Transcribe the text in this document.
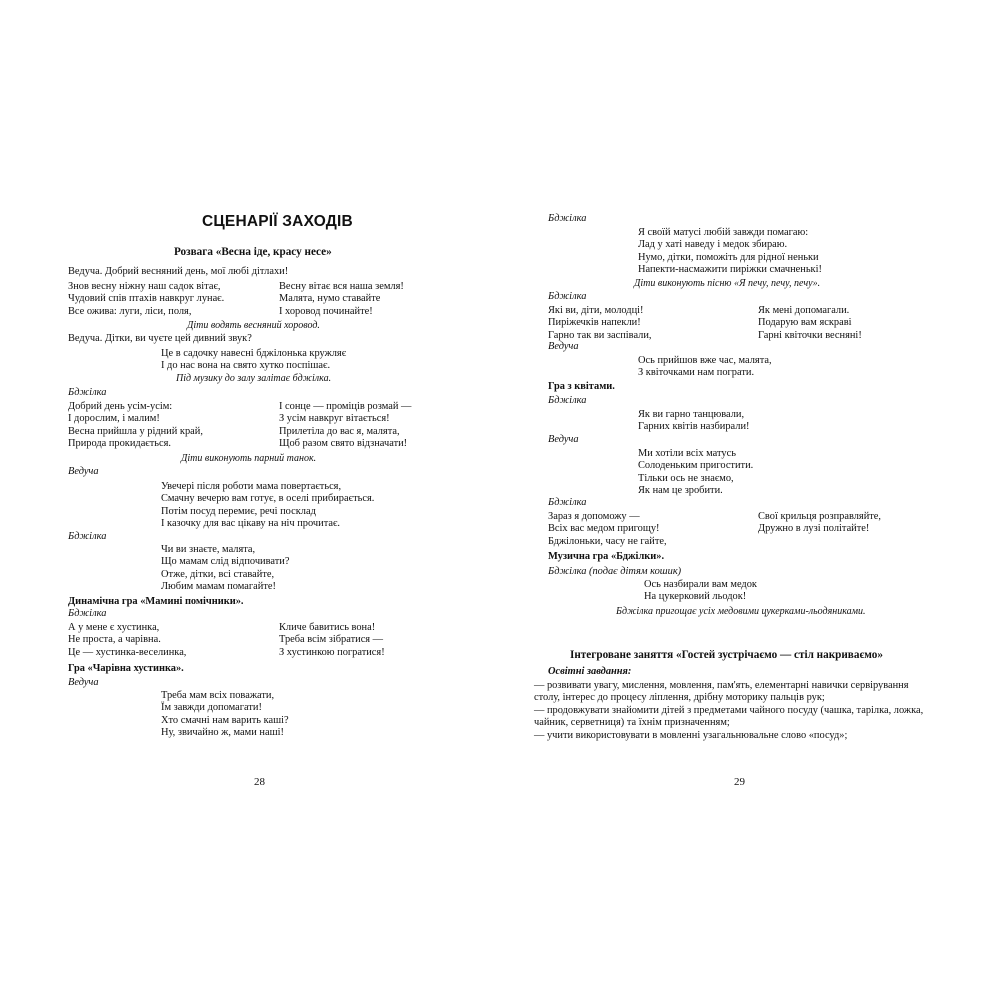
СЦЕНАРІЇ ЗАХОДІВ
Розвага «Весна іде, красу несе»
Ведуча. Добрий весняний день, мої любі дітлахи!
Знов весну ніжну наш садок вітає,
Чудовий спів птахів навкруг лунає.
Все ожива: луги, ліси, поля,
Весну вітає вся наша земля!
Малята, нумо ставайте
І хоровод починайте!
Діти водять весняний хоровод.
Ведуча. Дітки, ви чуєте цей дивний звук?
Це в садочку навесні бджілонька кружляє
І до нас вона на свято хутко поспішає.
Під музику до залу залітає бджілка.
Бджілка
Добрий день усім-усім:
І дорослим, і малим!
Весна прийшла у рідний край,
Природа прокидається.
І сонце — проміців розмай —
З усім навкруг вітається!
Прилетіла до вас я, малята,
Щоб разом свято відзначати!
Діти виконують парний танок.
Ведуча
Увечері після роботи мама повертається,
Смачну вечерю вам готує, в оселі прибирається.
Потім посуд перемиє, речі посклад
І казочку для вас цікаву на ніч прочитає.
Бджілка
Чи ви знаєте, малята,
Що мамам слід відпочивати?
Отже, дітки, всі ставайте,
Любим мамам помагайте!
Динамічна гра «Мамині помічники».
Бджілка
А у мене є хустинка,
Не проста, а чарівна.
Це — хустинка-веселинка,
Кличе бавитись вона!
Треба всім зібратися —
З хустинкою погратися!
Гра «Чарівна хустинка».
Ведуча
Треба мам всіх поважати,
Їм завжди допомагати!
Хто смачні нам варить каші?
Ну, звичайно ж, мами наші!
28
Бджілка
Я своїй матусі любій завжди помагаю:
Лад у хаті наведу і медок збираю.
Нумо, дітки, поможіть для рідної неньки
Напекти-насмажити пиріжки смачненькі!
Діти виконують пісню «Я печу, печу, печу».
Бджілка
Які ви, діти, молодці!
Пиріжечків напекли!
Гарно так ви заспівали,
Як мені допомагали.
Подарую вам яскраві
Гарні квіточки весняні!
Ведуча
Ось прийшов вже час, малята,
З квіточками нам пограти.
Гра з квітами.
Бджілка
Як ви гарно танцювали,
Гарних квітів назбирали!
Ведуча
Ми хотіли всіх матусь
Солоденьким пригостити.
Тільки ось не знаємо,
Як нам це зробити.
Бджілка
Зараз я допоможу —
Всіх вас медом пригощу!
Бджілоньки, часу не гайте,
Свої крильця розправляйте,
Дружно в лузі політайте!
Музична гра «Бджілки».
Бджілка (подає дітям кошик)
Ось назбирали вам медок
На цукерковий льодок!
Бджілка пригощає усіх медовими цукерками-льодяниками.
Інтегроване заняття «Гостей зустрічаємо — стіл накриваємо»
Освітні завдання:
— розвивати увагу, мислення, мовлення, пам'ять, елементарні навички сервірування
столу, інтерес до процесу ліплення, дрібну моторику пальців рук;
— продовжувати знайомити дітей з предметами чайного посуду (чашка, тарілка, ложка,
чайник, серветниця) та їхнім призначенням;
— учити використовувати в мовленні узагальнювальне слово «посуд»;
29
